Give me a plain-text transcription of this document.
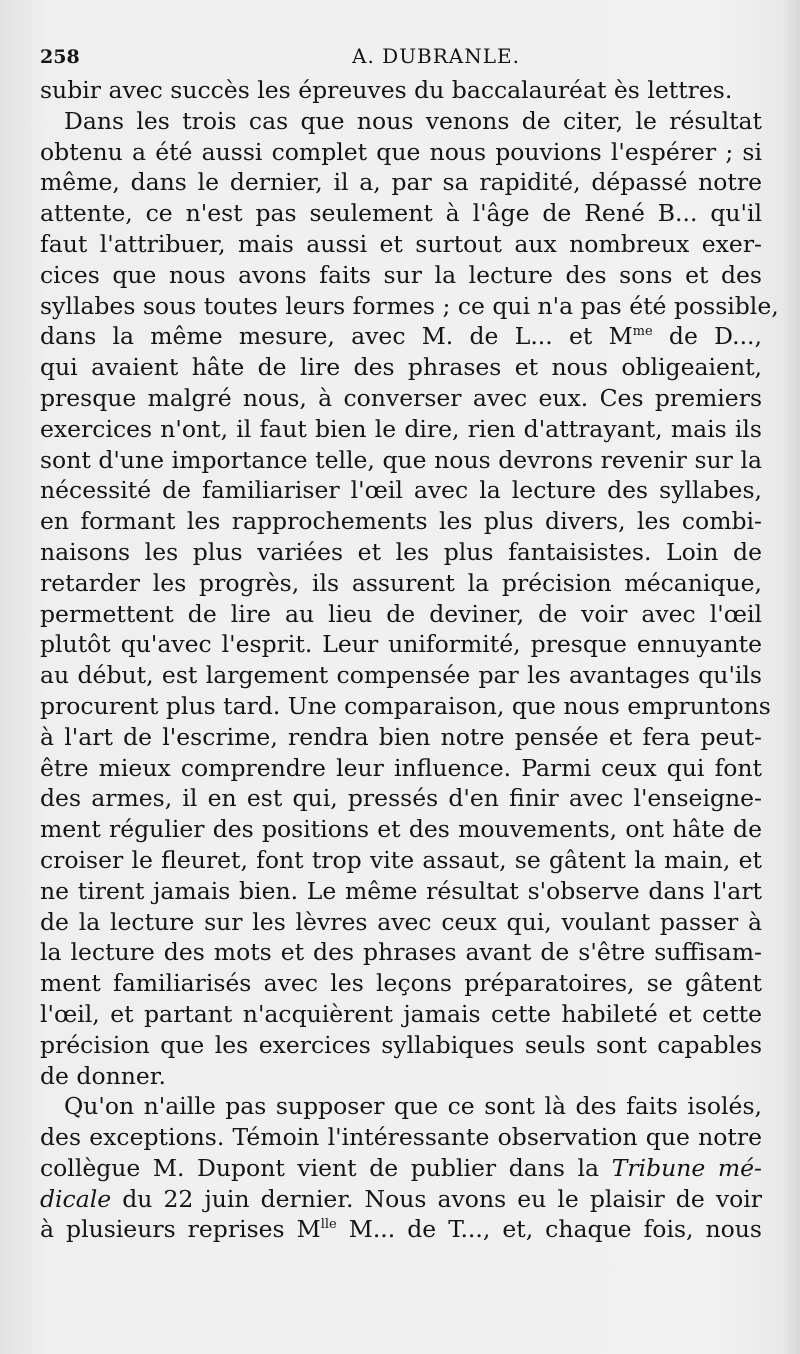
258	A. DUBRANLE.
subir avec succès les épreuves du baccalauréat ès lettres.
Dans les trois cas que nous venons de citer, le résultat
obtenu a été aussi complet que nous pouvions l'espérer ; si
même, dans le dernier, il a, par sa rapidité, dépassé notre
attente, ce n'est pas seulement à l'âge de René B... qu'il
faut l'attribuer, mais aussi et surtout aux nombreux exer-
cices que nous avons faits sur la lecture des sons et des
syllabes sous toutes leurs formes ; ce qui n'a pas été possible,
dans la même mesure, avec M. de L... et $M^{me}$ de D...,
qui avaient hâte de lire des phrases et nous obligeaient,
presque malgré nous, à converser avec eux. Ces premiers
exercices n'ont, il faut bien le dire, rien d'attrayant, mais ils
sont d'une importance telle, que nous devrons revenir sur la
nécessité de familiariser l'œil avec la lecture des syllabes,
en formant les rapprochements les plus divers, les combi-
naisons les plus variées et les plus fantaisistes. Loin de
retarder les progrès, ils assurent la précision mécanique,
permettent de lire au lieu de deviner, de voir avec l'œil
plutôt qu'avec l'esprit. Leur uniformité, presque ennuyante
au début, est largement compensée par les avantages qu'ils
procurent plus tard. Une comparaison, que nous empruntons
à l'art de l'escrime, rendra bien notre pensée et fera peut-
être mieux comprendre leur influence. Parmi ceux qui font
des armes, il en est qui, pressés d'en finir avec l'enseigne-
ment régulier des positions et des mouvements, ont hâte de
croiser le fleuret, font trop vite assaut, se gâtent la main, et
ne tirent jamais bien. Le même résultat s'observe dans l'art
de la lecture sur les lèvres avec ceux qui, voulant passer à
la lecture des mots et des phrases avant de s'être suffisam-
ment familiarisés avec les leçons préparatoires, se gâtent
l'œil, et partant n'acquièrent jamais cette habileté et cette
précision que les exercices syllabiques seuls sont capables
de donner.
Qu'on n'aille pas supposer que ce sont là des faits isolés,
des exceptions. Témoin l'intéressante observation que notre
collègue M. Dupont vient de publier dans la Tribune mé-
dicale du 22 juin dernier. Nous avons eu le plaisir de voir
à plusieurs reprises $M^{lle}$ M... de T..., et, chaque fois, nous
